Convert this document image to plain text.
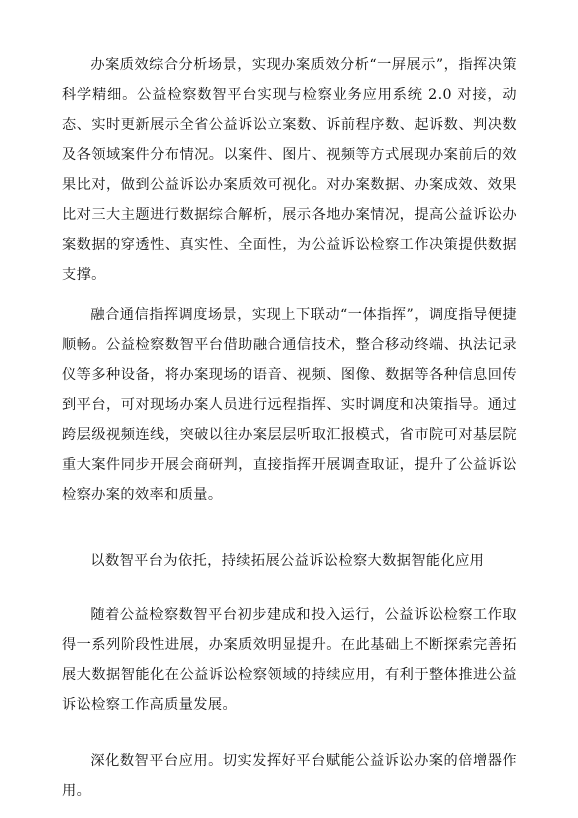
办案质效综合分析场景，实现办案质效分析“一屏展示”，指挥决策科学精细。公益检察数智平台实现与检察业务应用系统 2.0 对接，动态、实时更新展示全省公益诉讼立案数、诉前程序数、起诉数、判决数及各领域案件分布情况。以案件、图片、视频等方式展现办案前后的效果比对，做到公益诉讼办案质效可视化。对办案数据、办案成效、效果比对三大主题进行数据综合解析，展示各地办案情况，提高公益诉讼办案数据的穿透性、真实性、全面性，为公益诉讼检察工作决策提供数据支撑。

融合通信指挥调度场景，实现上下联动“一体指挥”，调度指导便捷顺畅。公益检察数智平台借助融合通信技术，整合移动终端、执法记录仪等多种设备，将办案现场的语音、视频、图像、数据等各种信息回传到平台，可对现场办案人员进行远程指挥、实时调度和决策指导。通过跨层级视频连线，突破以往办案层层听取汇报模式，省市院可对基层院重大案件同步开展会商研判，直接指挥开展调查取证，提升了公益诉讼检察办案的效率和质量。

以数智平台为依托，持续拓展公益诉讼检察大数据智能化应用

随着公益检察数智平台初步建成和投入运行，公益诉讼检察工作取得一系列阶段性进展，办案质效明显提升。在此基础上不断探索完善拓展大数据智能化在公益诉讼检察领域的持续应用，有利于整体推进公益诉讼检察工作高质量发展。

深化数智平台应用。切实发挥好平台赋能公益诉讼办案的倍增器作用。
